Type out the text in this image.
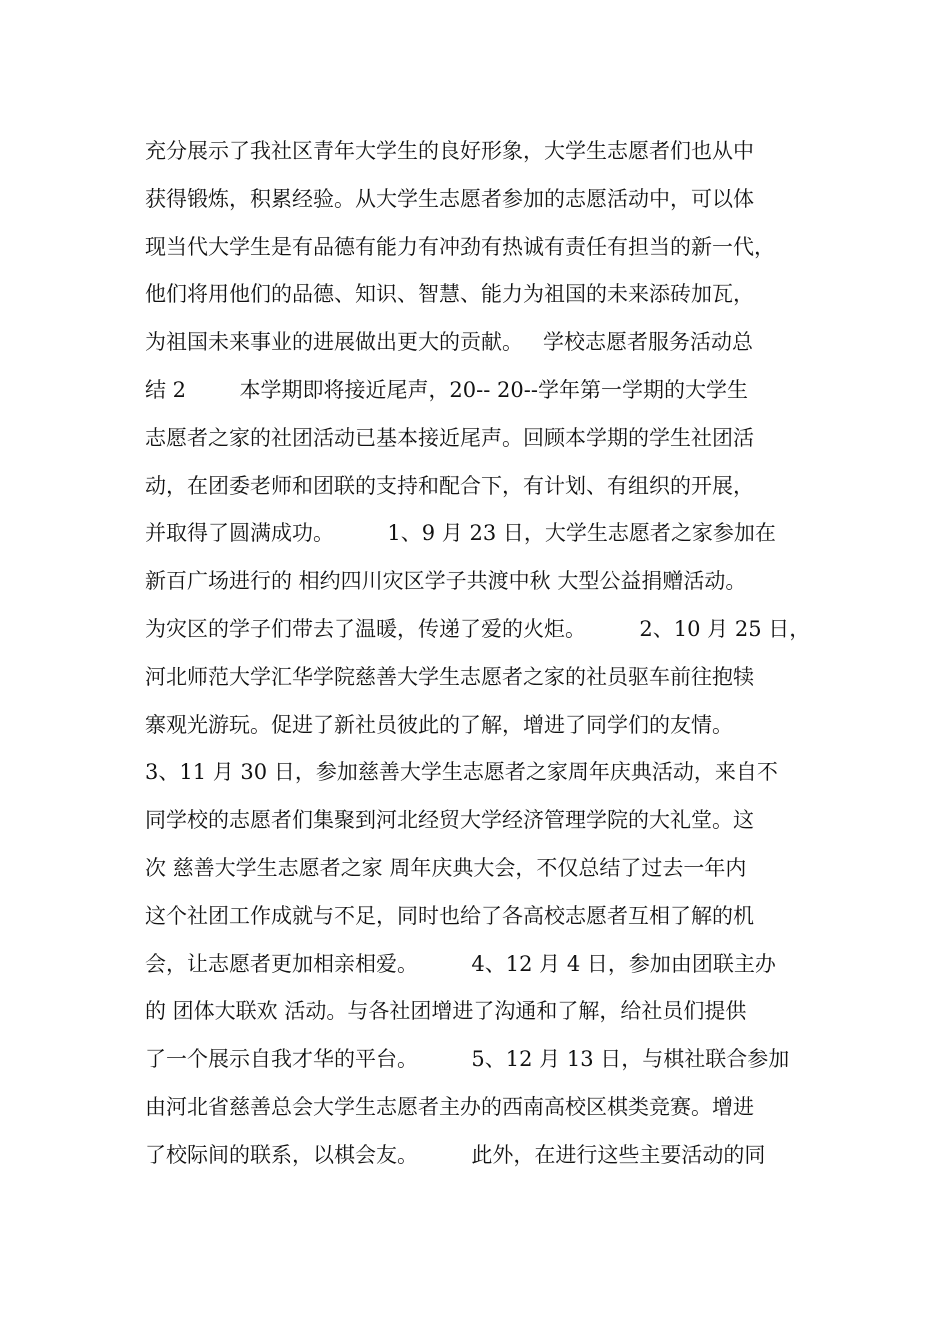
充分展示了我社区青年大学生的良好形象，大学生志愿者们也从中
获得锻炼，积累经验。从大学生志愿者参加的志愿活动中，可以体
现当代大学生是有品德有能力有冲劲有热诚有责任有担当的新一代，
他们将用他们的品德、知识、智慧、能力为祖国的未来添砖加瓦，
为祖国未来事业的进展做出更大的贡献。   学校志愿者服务活动总
结 2        本学期即将接近尾声，20-- 20--学年第一学期的大学生
志愿者之家的社团活动已基本接近尾声。回顾本学期的学生社团活
动，在团委老师和团联的支持和配合下，有计划、有组织的开展，
并取得了圆满成功。        1、9 月 23 日，大学生志愿者之家参加在
新百广场进行的 相约四川灾区学子共渡中秋 大型公益捐赠活动。
为灾区的学子们带去了温暖，传递了爱的火炬。        2、10 月 25 日，
河北师范大学汇华学院慈善大学生志愿者之家的社员驱车前往抱犊
寨观光游玩。促进了新社员彼此的了解，增进了同学们的友情。
3、11 月 30 日，参加慈善大学生志愿者之家周年庆典活动，来自不
同学校的志愿者们集聚到河北经贸大学经济管理学院的大礼堂。这
次 慈善大学生志愿者之家 周年庆典大会，不仅总结了过去一年内
这个社团工作成就与不足，同时也给了各高校志愿者互相了解的机
会，让志愿者更加相亲相爱。        4、12 月 4 日，参加由团联主办
的 团体大联欢 活动。与各社团增进了沟通和了解，给社员们提供
了一个展示自我才华的平台。        5、12 月 13 日，与棋社联合参加
由河北省慈善总会大学生志愿者主办的西南高校区棋类竞赛。增进
了校际间的联系，以棋会友。        此外，在进行这些主要活动的同
